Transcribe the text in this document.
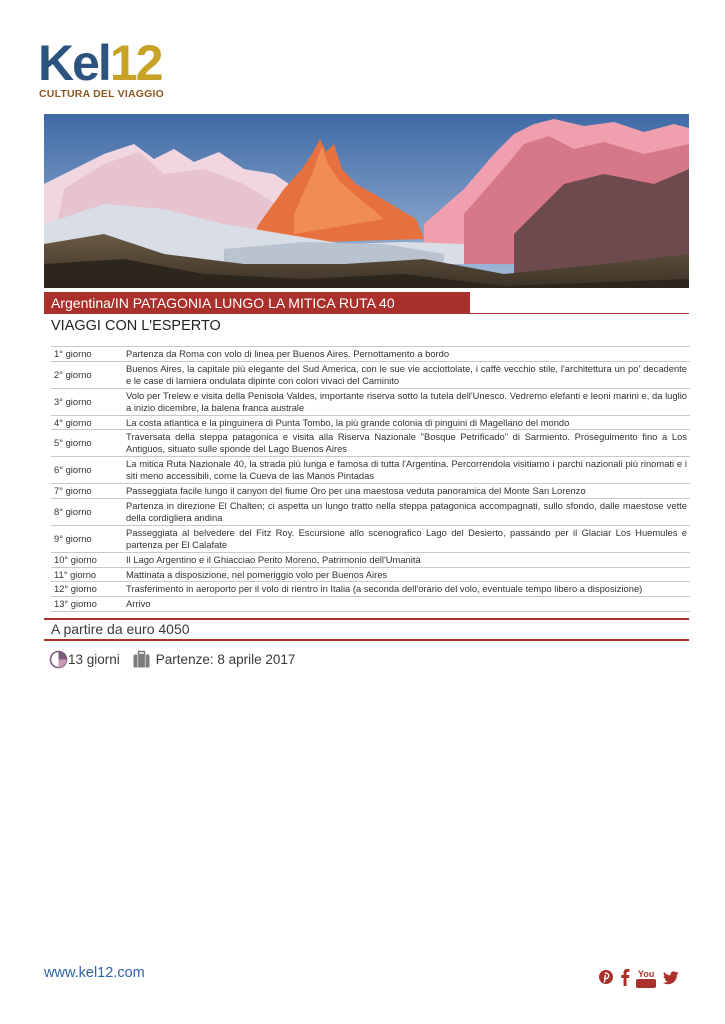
Kel12
CULTURA DEL VIAGGIO
Argentina/IN PATAGONIA LUNGO LA MITICA RUTA 40
VIAGGI CON L'ESPERTO
1° giorno	Partenza da Roma con volo di linea per Buenos Aires. Pernottamento a bordo
2° giorno	Buenos Aires, la capitale più elegante del Sud America, con le sue vie acciottolate, i caffè vecchio stile, l'architettura un po' decadente e le case di lamiera ondulata dipinte con colori vivaci del Caminito
3° giorno	Volo per Trelew e visita della Penisola Valdes, importante riserva sotto la tutela dell'Unesco. Vedremo elefanti e leoni marini e, da luglio a inizio dicembre, la balena franca australe
4° giorno	La costa atlantica e la pinguinera di Punta Tombo, la più grande colonia di pinguini di Magellano del mondo
5° giorno	Traversata della steppa patagonica e visita alla Riserva Nazionale "Bosque Petrificado" di Sarmiento. Proseguimento fino a Los Antiguos, situato sulle sponde del Lago Buenos Aires
6° giorno	La mitica Ruta Nazionale 40, la strada più lunga e famosa di tutta l'Argentina. Percorrendola visitiamo i parchi nazionali più rinomati e i siti meno accessibili, come la Cueva de las Manos Pintadas
7° giorno	Passeggiata facile lungo il canyon del fiume Oro per una maestosa veduta panoramica del Monte San Lorenzo
8° giorno	Partenza in direzione El Chalten; ci aspetta un lungo tratto nella steppa patagonica accompagnati, sullo sfondo, dalle maestose vette della cordigliera andina
9° giorno	Passeggiata al belvedere del Fitz Roy. Escursione allo scenografico Lago del Desierto, passando per il Glaciar Los Huemules e partenza per El Calafate
10° giorno	Il Lago Argentino e il Ghiacciao Perito Moreno, Patrimonio dell'Umanità
11° giorno	Mattinata a disposizione, nel pomeriggio volo per Buenos Aires
12° giorno	Trasferimento in aeroporto per il volo di rientro in Italia (a seconda dell'orario del volo, eventuale tempo libero a disposizione)
13° giorno	Arrivo
A partire da euro 4050
13 giorni	Partenze: 8 aprile 2017
www.kel12.com	You
